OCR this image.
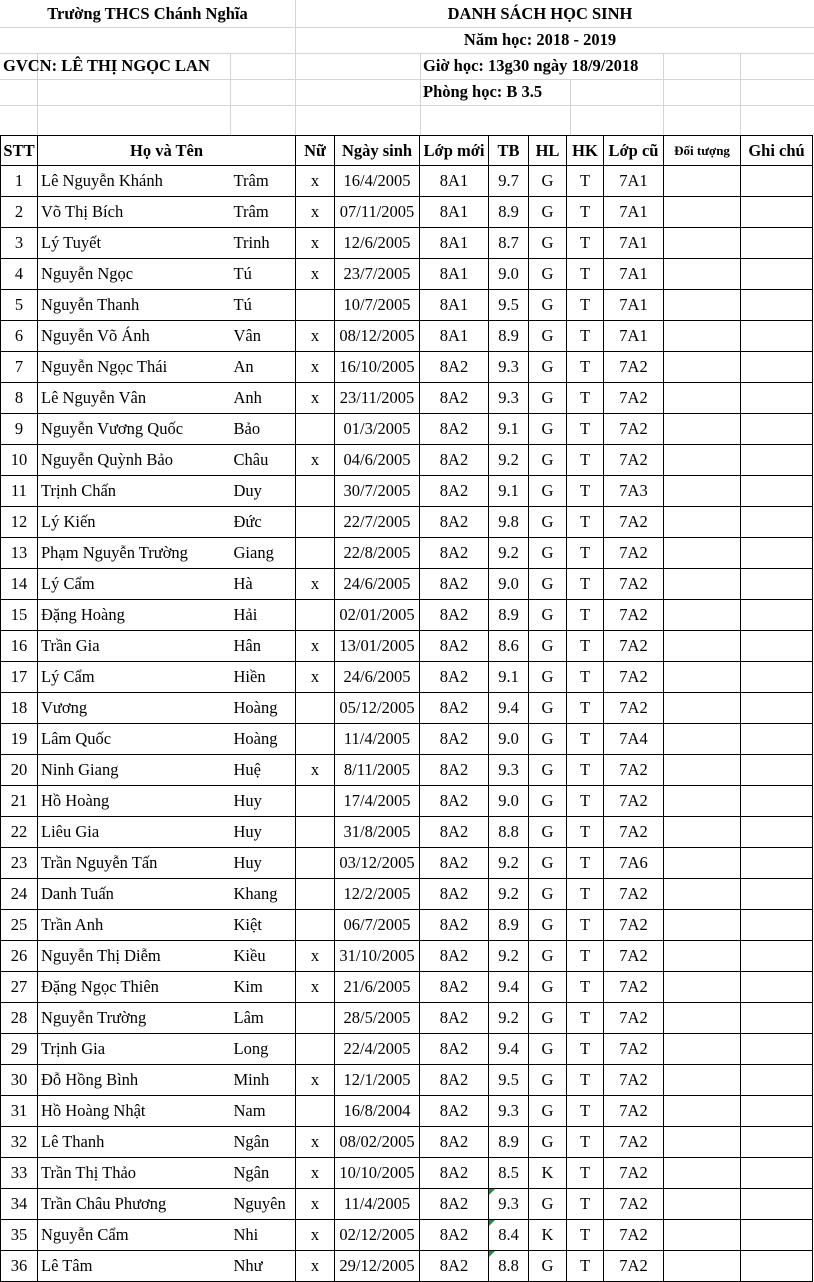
Trường THCS Chánh Nghĩa	DANH SÁCH HỌC SINH
Năm học: 2018 - 2019
GVCN: LÊ THỊ NGỌC LAN	Giờ học: 13g30 ngày 18/9/2018
Phòng học: B 3.5
STT	Họ và Tên		Nữ	Ngày sinh	Lớp mới	TB	HL	HK	Lớp cũ	Đối tượng	Ghi chú
1	Lê Nguyễn Khánh	Trâm	x	16/4/2005	8A1	9.7	G	T	7A1		
2	Võ Thị Bích	Trâm	x	07/11/2005	8A1	8.9	G	T	7A1		
3	Lý Tuyết	Trinh	x	12/6/2005	8A1	8.7	G	T	7A1		
4	Nguyễn Ngọc	Tú	x	23/7/2005	8A1	9.0	G	T	7A1		
5	Nguyễn Thanh	Tú		10/7/2005	8A1	9.5	G	T	7A1		
6	Nguyễn Võ Ánh	Vân	x	08/12/2005	8A1	8.9	G	T	7A1		
7	Nguyễn Ngọc Thái	An	x	16/10/2005	8A2	9.3	G	T	7A2		
8	Lê Nguyễn Vân	Anh	x	23/11/2005	8A2	9.3	G	T	7A2		
9	Nguyễn Vương Quốc	Bảo		01/3/2005	8A2	9.1	G	T	7A2		
10	Nguyễn Quỳnh Bảo	Châu	x	04/6/2005	8A2	9.2	G	T	7A2		
11	Trịnh Chấn	Duy		30/7/2005	8A2	9.1	G	T	7A3		
12	Lý Kiến	Đức		22/7/2005	8A2	9.8	G	T	7A2		
13	Phạm Nguyễn Trường	Giang		22/8/2005	8A2	9.2	G	T	7A2		
14	Lý Cẩm	Hà	x	24/6/2005	8A2	9.0	G	T	7A2		
15	Đặng Hoàng	Hải		02/01/2005	8A2	8.9	G	T	7A2		
16	Trần Gia	Hân	x	13/01/2005	8A2	8.6	G	T	7A2		
17	Lý Cẩm	Hiền	x	24/6/2005	8A2	9.1	G	T	7A2		
18	Vương	Hoàng		05/12/2005	8A2	9.4	G	T	7A2		
19	Lâm Quốc	Hoàng		11/4/2005	8A2	9.0	G	T	7A4		
20	Ninh Giang	Huệ	x	8/11/2005	8A2	9.3	G	T	7A2		
21	Hồ Hoàng	Huy		17/4/2005	8A2	9.0	G	T	7A2		
22	Liêu Gia	Huy		31/8/2005	8A2	8.8	G	T	7A2		
23	Trần Nguyễn Tấn	Huy		03/12/2005	8A2	9.2	G	T	7A6		
24	Danh Tuấn	Khang		12/2/2005	8A2	9.2	G	T	7A2		
25	Trần Anh	Kiệt		06/7/2005	8A2	8.9	G	T	7A2		
26	Nguyễn Thị Diễm	Kiều	x	31/10/2005	8A2	9.2	G	T	7A2		
27	Đặng Ngọc Thiên	Kim	x	21/6/2005	8A2	9.4	G	T	7A2		
28	Nguyễn Trường	Lâm		28/5/2005	8A2	9.2	G	T	7A2		
29	Trịnh Gia	Long		22/4/2005	8A2	9.4	G	T	7A2		
30	Đỗ Hồng Bình	Minh	x	12/1/2005	8A2	9.5	G	T	7A2		
31	Hồ Hoàng Nhật	Nam		16/8/2004	8A2	9.3	G	T	7A2		
32	Lê Thanh	Ngân	x	08/02/2005	8A2	8.9	G	T	7A2		
33	Trần Thị Thảo	Ngân	x	10/10/2005	8A2	8.5	K	T	7A2		
34	Trần Châu Phương	Nguyên	x	11/4/2005	8A2	9.3	G	T	7A2		
35	Nguyễn Cẩm	Nhi	x	02/12/2005	8A2	8.4	K	T	7A2		
36	Lê Tâm	Như	x	29/12/2005	8A2	8.8	G	T	7A2		
